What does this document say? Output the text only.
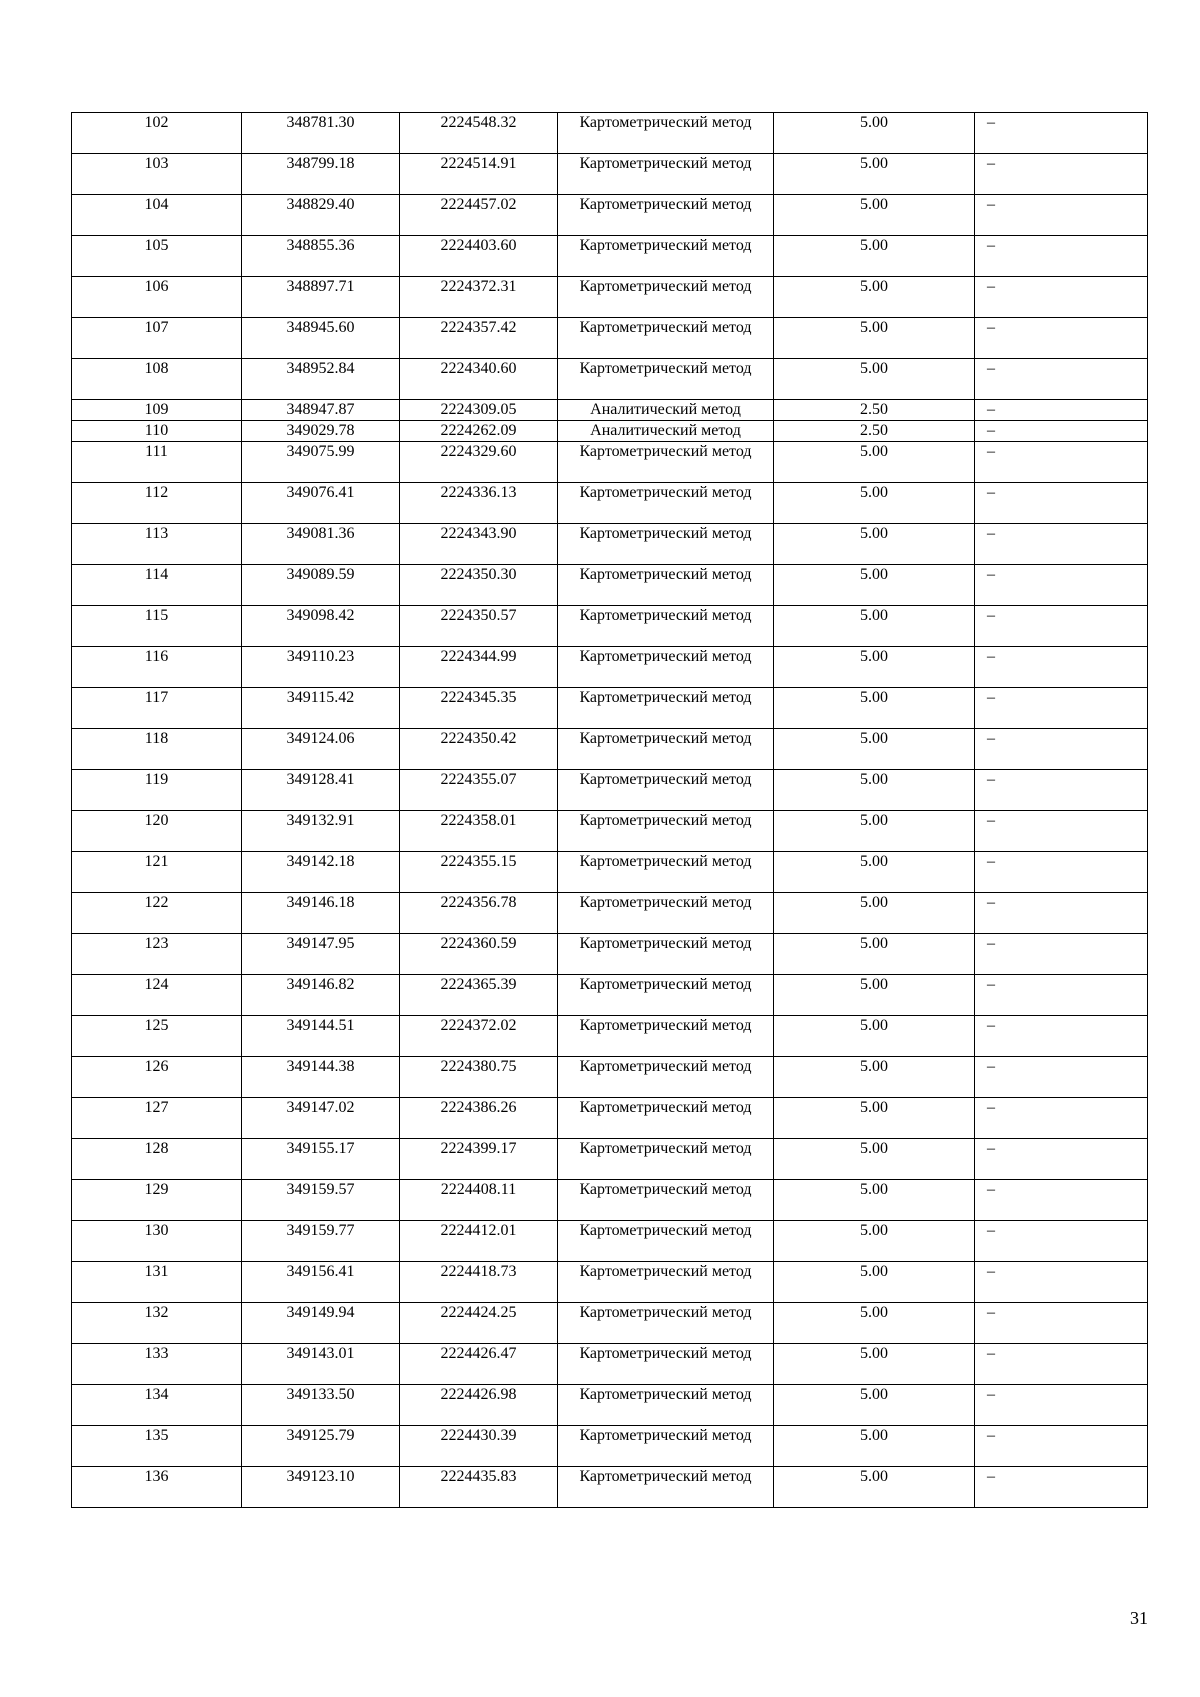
102	348781.30	2224548.32	Картометрический метод	5.00	–
103	348799.18	2224514.91	Картометрический метод	5.00	–
104	348829.40	2224457.02	Картометрический метод	5.00	–
105	348855.36	2224403.60	Картометрический метод	5.00	–
106	348897.71	2224372.31	Картометрический метод	5.00	–
107	348945.60	2224357.42	Картометрический метод	5.00	–
108	348952.84	2224340.60	Картометрический метод	5.00	–
109	348947.87	2224309.05	Аналитический метод	2.50	–
110	349029.78	2224262.09	Аналитический метод	2.50	–
111	349075.99	2224329.60	Картометрический метод	5.00	–
112	349076.41	2224336.13	Картометрический метод	5.00	–
113	349081.36	2224343.90	Картометрический метод	5.00	–
114	349089.59	2224350.30	Картометрический метод	5.00	–
115	349098.42	2224350.57	Картометрический метод	5.00	–
116	349110.23	2224344.99	Картометрический метод	5.00	–
117	349115.42	2224345.35	Картометрический метод	5.00	–
118	349124.06	2224350.42	Картометрический метод	5.00	–
119	349128.41	2224355.07	Картометрический метод	5.00	–
120	349132.91	2224358.01	Картометрический метод	5.00	–
121	349142.18	2224355.15	Картометрический метод	5.00	–
122	349146.18	2224356.78	Картометрический метод	5.00	–
123	349147.95	2224360.59	Картометрический метод	5.00	–
124	349146.82	2224365.39	Картометрический метод	5.00	–
125	349144.51	2224372.02	Картометрический метод	5.00	–
126	349144.38	2224380.75	Картометрический метод	5.00	–
127	349147.02	2224386.26	Картометрический метод	5.00	–
128	349155.17	2224399.17	Картометрический метод	5.00	–
129	349159.57	2224408.11	Картометрический метод	5.00	–
130	349159.77	2224412.01	Картометрический метод	5.00	–
131	349156.41	2224418.73	Картометрический метод	5.00	–
132	349149.94	2224424.25	Картометрический метод	5.00	–
133	349143.01	2224426.47	Картометрический метод	5.00	–
134	349133.50	2224426.98	Картометрический метод	5.00	–
135	349125.79	2224430.39	Картометрический метод	5.00	–
136	349123.10	2224435.83	Картометрический метод	5.00	–
31
